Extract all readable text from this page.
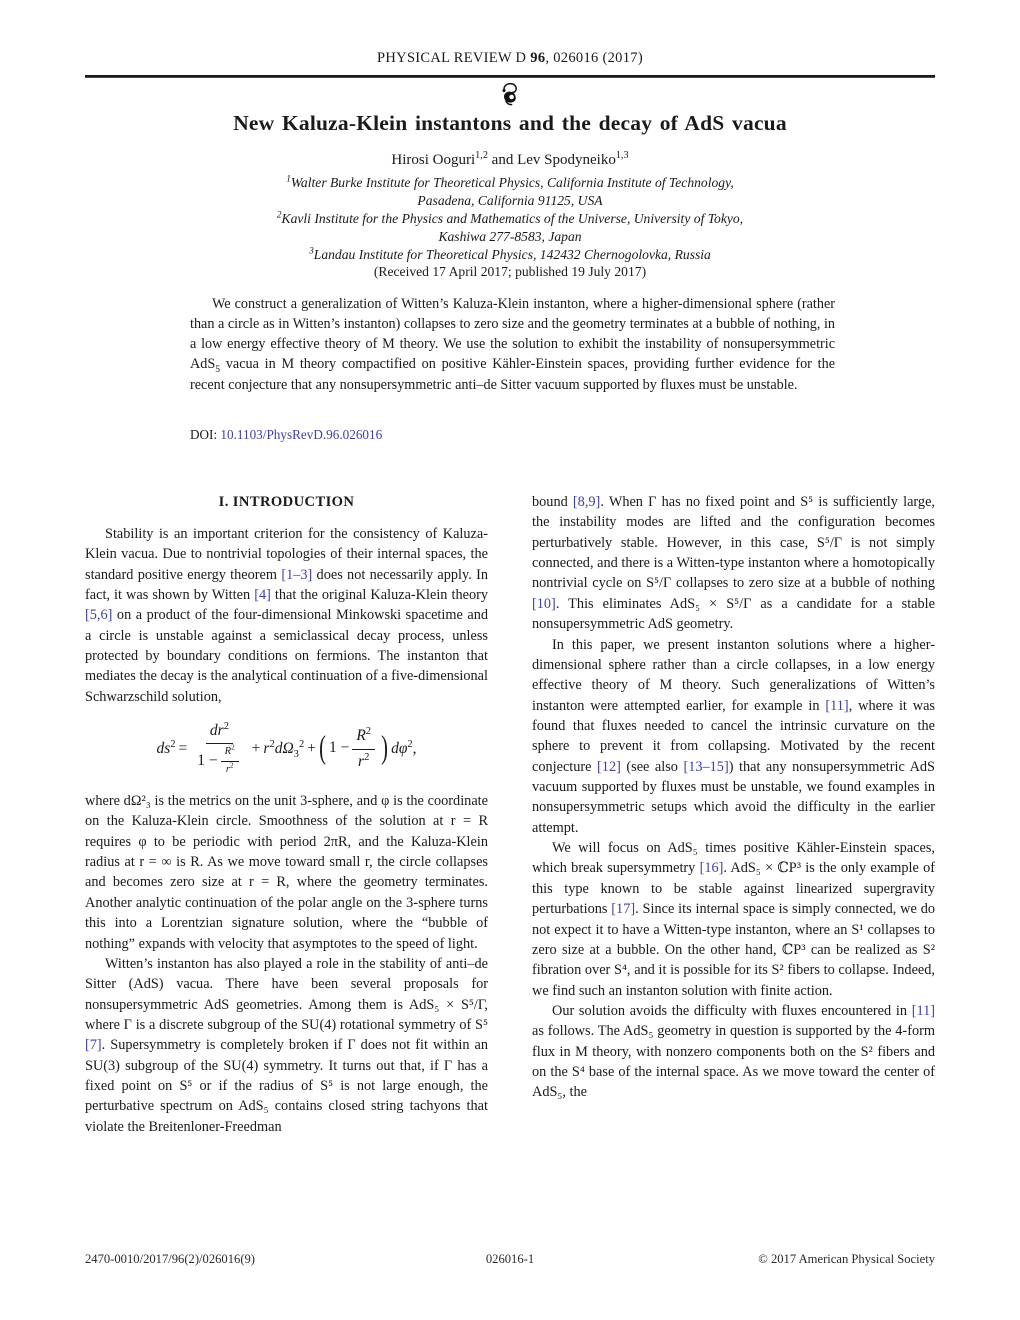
PHYSICAL REVIEW D 96, 026016 (2017)
New Kaluza-Klein instantons and the decay of AdS vacua
Hirosi Ooguri$^{1,2}$ and Lev Spodyneiko$^{1,3}$
$^1$Walter Burke Institute for Theoretical Physics, California Institute of Technology,
Pasadena, California 91125, USA
$^2$Kavli Institute for the Physics and Mathematics of the Universe, University of Tokyo,
Kashiwa 277-8583, Japan
$^3$Landau Institute for Theoretical Physics, 142432 Chernogolovka, Russia
(Received 17 April 2017; published 19 July 2017)
We construct a generalization of Witten’s Kaluza-Klein instanton, where a higher-dimensional sphere (rather than a circle as in Witten’s instanton) collapses to zero size and the geometry terminates at a bubble of nothing, in a low energy effective theory of M theory. We use the solution to exhibit the instability of nonsupersymmetric AdS$_5$ vacua in M theory compactified on positive Kähler-Einstein spaces, providing further evidence for the recent conjecture that any nonsupersymmetric anti–de Sitter vacuum supported by fluxes must be unstable.
DOI: 10.1103/PhysRevD.96.026016
I. INTRODUCTION

Stability is an important criterion for the consistency of Kaluza-Klein vacua. Due to nontrivial topologies of their internal spaces, the standard positive energy theorem [1–3] does not necessarily apply. In fact, it was shown by Witten [4] that the original Kaluza-Klein theory [5,6] on a product of the four-dimensional Minkowski spacetime and a circle is unstable against a semiclassical decay process, unless protected by boundary conditions on fermions. The instanton that mediates the decay is the analytical continuation of a five-dimensional Schwarzschild solution,

$ds^2 = \frac{dr^2}{1 - \frac{R^2}{r^2}} + r^2d\Omega_3^2$ + ( $1 - \frac{R^2}{r^2}$ ) $d\varphi^2$,

where dΩ²₃ is the metrics on the unit 3-sphere, and φ is the coordinate on the Kaluza-Klein circle. Smoothness of the solution at r = R requires φ to be periodic with period 2πR, and the Kaluza-Klein radius at r = ∞ is R. As we move toward small r, the circle collapses and becomes zero size at r = R, where the geometry terminates. Another analytic continuation of the polar angle on the 3-sphere turns this into a Lorentzian signature solution, where the “bubble of nothing” expands with velocity that asymptotes to the speed of light.

Witten’s instanton has also played a role in the stability of anti–de Sitter (AdS) vacua. There have been several proposals for nonsupersymmetric AdS geometries. Among them is AdS₅ × S⁵/Γ, where Γ is a discrete subgroup of the SU(4) rotational symmetry of S⁵ [7]. Supersymmetry is completely broken if Γ does not fit within an SU(3) subgroup of the SU(4) symmetry. It turns out that, if Γ has a fixed point on S⁵ or if the radius of S⁵ is not large enough, the perturbative spectrum on AdS₅ contains closed string tachyons that violate the Breitenloner-Freedman

bound [8,9]. When Γ has no fixed point and S⁵ is sufficiently large, the instability modes are lifted and the configuration becomes perturbatively stable. However, in this case, S⁵/Γ is not simply connected, and there is a Witten-type instanton where a homotopically nontrivial cycle on S⁵/Γ collapses to zero size at a bubble of nothing [10]. This eliminates AdS₅ × S⁵/Γ as a candidate for a stable nonsupersymmetric AdS geometry.

In this paper, we present instanton solutions where a higher-dimensional sphere rather than a circle collapses, in a low energy effective theory of M theory. Such generalizations of Witten’s instanton were attempted earlier, for example in [11], where it was found that fluxes needed to cancel the intrinsic curvature on the sphere to prevent it from collapsing. Motivated by the recent conjecture [12] (see also [13–15]) that any nonsupersymmetric AdS vacuum supported by fluxes must be unstable, we found examples in nonsupersymmetric setups which avoid the difficulty in the earlier attempt.

We will focus on AdS₅ times positive Kähler-Einstein spaces, which break supersymmetry [16]. AdS₅ × ℂP³ is the only example of this type known to be stable against linearized supergravity perturbations [17]. Since its internal space is simply connected, we do not expect it to have a Witten-type instanton, where an S¹ collapses to zero size at a bubble. On the other hand, ℂP³ can be realized as S² fibration over S⁴, and it is possible for its S² fibers to collapse. Indeed, we find such an instanton solution with finite action.

Our solution avoids the difficulty with fluxes encountered in [11] as follows. The AdS₅ geometry in question is supported by the 4-form flux in M theory, with nonzero components both on the S² fibers and on the S⁴ base of the internal space. As we move toward the center of AdS₅, the

2470-0010/2017/96(2)/026016(9)	026016-1	© 2017 American Physical Society
